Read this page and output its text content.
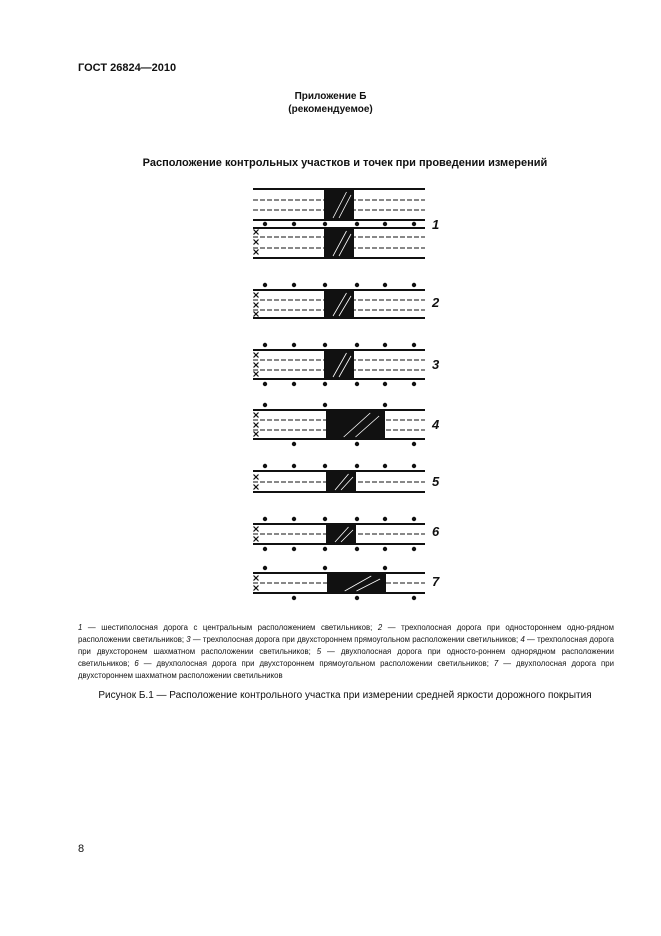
ГОСТ 26824—2010
Приложение Б
(рекомендуемое)
Расположение контрольных участков и точек при проведении измерений
1
2
3
4
5
6
7
1 — шестиполосная дорога с центральным расположением светильников; 2 — трехполосная дорога при одностороннем одно-рядном расположении светильников; 3 — трехполосная дорога при двухстороннем прямоугольном расположении светильников; 4 — трехполосная дорога при двухсторонем шахматном расположении светильников; 5 — двухполосная дорога при односто-роннем однорядном расположении светильников; 6 — двухполосная дорога при двухстороннем прямоугольном расположении светильников; 7 — двухполосная дорога при двухстороннем шахматном расположении светильников
Рисунок Б.1 — Расположение контрольного участка при измерении средней яркости дорожного покрытия
8
